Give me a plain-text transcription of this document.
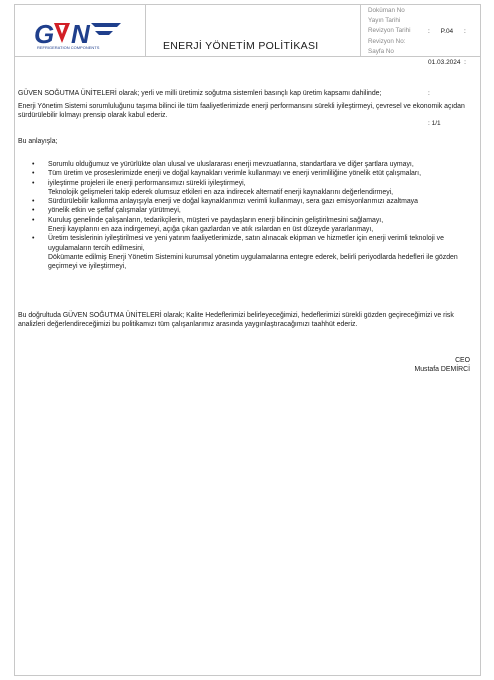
G N
REFRIGERATION COMPONENTS	ENERJİ YÖNETİM POLİTİKASI
Doküman No
Yayın Tarihi
Revizyon Tarihi
Revizyon No:
Sayfa No

:      P.04      :

01.03.2024  :

:

: 1/1

GÜVEN SOĞUTMA ÜNİTELERİ olarak; yerli ve milli üretimiz soğutma sistemleri basınçlı kap üretim kapsamı dahilinde;

Enerji Yönetim Sistemi sorumluluğunu taşıma bilinci ile tüm faaliyetlerimizde enerji performansını sürekli iyileştirmeyi, çevresel ve ekonomik açıdan sürdürülebilir kılmayı prensip olarak kabul ederiz.

Bu anlayışla;

• Sorumlu olduğumuz ve yürürlükte olan ulusal ve uluslararası enerji mevzuatlarına, standartlara ve diğer şartlara uymayı,
• Tüm üretim ve proseslerimizde enerji ve doğal kaynakları verimle kullanmayı ve enerji verimliliğine yönelik etüt çalışmaları,
• iyileştirme projeleri ile enerji performansımızı sürekli iyileştirmeyi,
Teknolojik gelişmeleri takip ederek olumsuz etkileri en aza indirecek alternatif enerji kaynaklarını değerlendirmeyi,
• Sürdürülebilir kalkınma anlayışıyla enerji ve doğal kaynaklarımızı verimli kullanmayı, sera gazı emisyonlarımızı azaltmaya
• yönelik etkin ve şeffaf çalışmalar yürütmeyi,
• Kuruluş genelinde çalışanların, tedarikçilerin, müşteri ve paydaşların enerji bilincinin geliştirilmesini sağlamayı,
Enerji kayıplarını en aza indirgemeyi, açığa çıkan gazlardan ve atık ısılardan en üst düzeyde yararlanmayı,
• Üretim tesislerinin iyileştirilmesi ve yeni yatırım faaliyetlerimizde, satın alınacak ekipman ve hizmetler için enerji verimli teknoloji ve uygulamaların tercih edilmesini,
Dökümante edilmiş Enerji Yönetim Sistemini kurumsal yönetim uygulamalarına entegre ederek, belirli periyodlarda hedefleri ile gözden geçirmeyi ve iyileştirmeyi,

Bu doğrultuda GÜVEN SOĞUTMA ÜNİTELERİ olarak; Kalite Hedeflerimizi belirleyeceğimizi, hedeflerimizi sürekli gözden geçireceğimizi ve risk analizleri değerlendireceğimizi bu politikamızı tüm çalışanlarımız arasında yaygınlaştıracağımızı taahhüt ederiz.

CEO
Mustafa DEMİRCİ
